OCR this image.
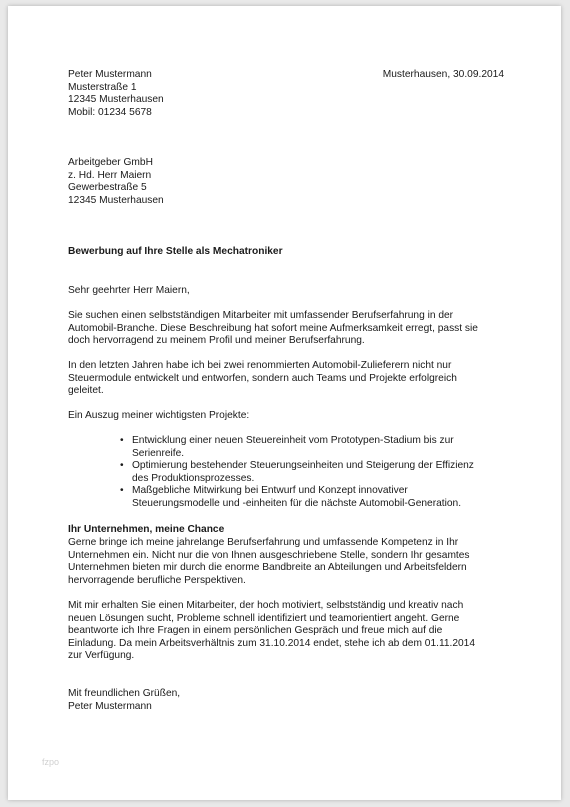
Peter Mustermann
Musterstraße 1
12345 Musterhausen
Mobil: 01234 5678
Musterhausen, 30.09.2014
Arbeitgeber GmbH
z. Hd. Herr Maiern
Gewerbestraße 5
12345 Musterhausen
Bewerbung auf Ihre Stelle als Mechatroniker
Sehr geehrter Herr Maiern,
Sie suchen einen selbstständigen Mitarbeiter mit umfassender Berufserfahrung in der
Automobil-Branche. Diese Beschreibung hat sofort meine Aufmerksamkeit erregt, passt sie
doch hervorragend zu meinem Profil und meiner Berufserfahrung.
In den letzten Jahren habe ich bei zwei renommierten Automobil-Zulieferern nicht nur
Steuermodule entwickelt und entworfen, sondern auch Teams und Projekte erfolgreich
geleitet.
Ein Auszug meiner wichtigsten Projekte:
• Entwicklung einer neuen Steuereinheit vom Prototypen-Stadium bis zur
Serienreife.
• Optimierung bestehender Steuerungseinheiten und Steigerung der Effizienz
des Produktionsprozesses.
• Maßgebliche Mitwirkung bei Entwurf und Konzept innovativer
Steuerungsmodelle und -einheiten für die nächste Automobil-Generation.
Ihr Unternehmen, meine Chance
Gerne bringe ich meine jahrelange Berufserfahrung und umfassende Kompetenz in Ihr
Unternehmen ein. Nicht nur die von Ihnen ausgeschriebene Stelle, sondern Ihr gesamtes
Unternehmen bieten mir durch die enorme Bandbreite an Abteilungen und Arbeitsfeldern
hervorragende berufliche Perspektiven.
Mit mir erhalten Sie einen Mitarbeiter, der hoch motiviert, selbstständig und kreativ nach
neuen Lösungen sucht, Probleme schnell identifiziert und teamorientiert angeht. Gerne
beantworte ich Ihre Fragen in einem persönlichen Gespräch und freue mich auf die
Einladung. Da mein Arbeitsverhältnis zum 31.10.2014 endet, stehe ich ab dem 01.11.2014
zur Verfügung.
Mit freundlichen Grüßen,
Peter Mustermann
fzpo
